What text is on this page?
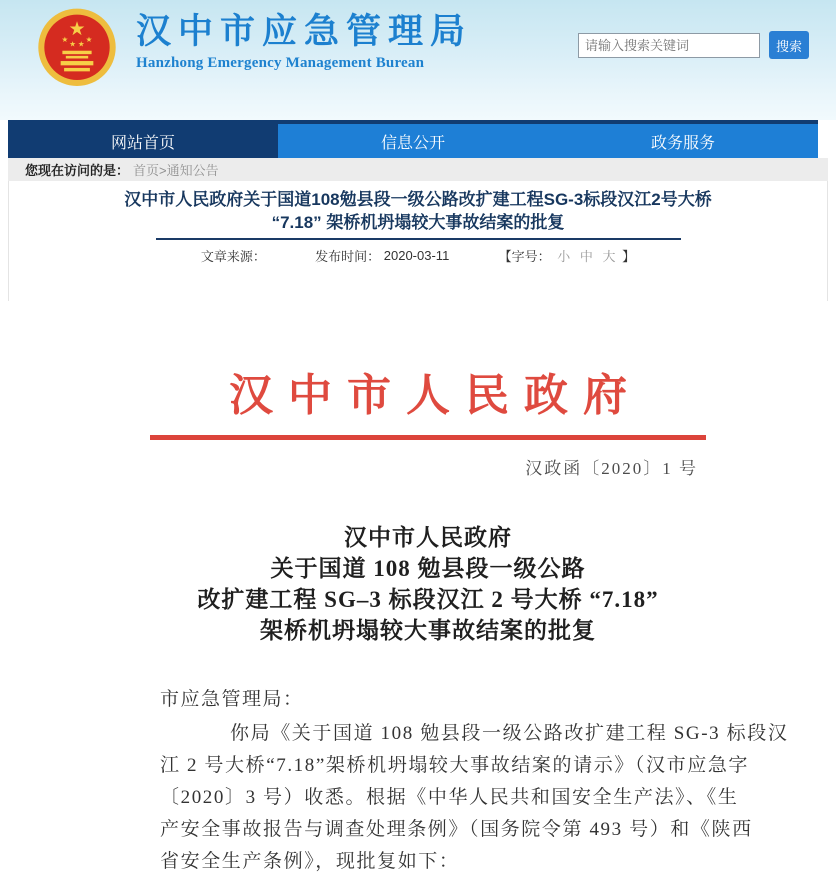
★
★ ★ ★ ★ 汉中市应急管理局
Hanzhong Emergency Management Burean
请输入搜索关键词
搜索
网站首页	信息公开	政务服务
您现在访问的是： 首页>通知公告
汉中市人民政府关于国道108勉县段一级公路改扩建工程SG-3标段汉江2号大桥 “7.18” 架桥机坍塌较大事故结案的批复
文章来源：	发布时间： 2020-03-11	【字号： 小 中 大 】
汉中市人民政府
汉政函〔2020〕1 号
汉中市人民政府
关于国道 108 勉县段一级公路
改扩建工程 SG–3 标段汉江 2 号大桥 “7.18”
架桥机坍塌较大事故结案的批复
市应急管理局：
你局《关于国道 108 勉县段一级公路改扩建工程 SG-3 标段汉
江 2 号大桥“7.18”架桥机坍塌较大事故结案的请示》（汉市应急字
〔2020〕3 号）收悉。根据《中华人民共和国安全生产法》、《生
产安全事故报告与调查处理条例》（国务院令第 493 号）和《陕西
省安全生产条例》，现批复如下：
